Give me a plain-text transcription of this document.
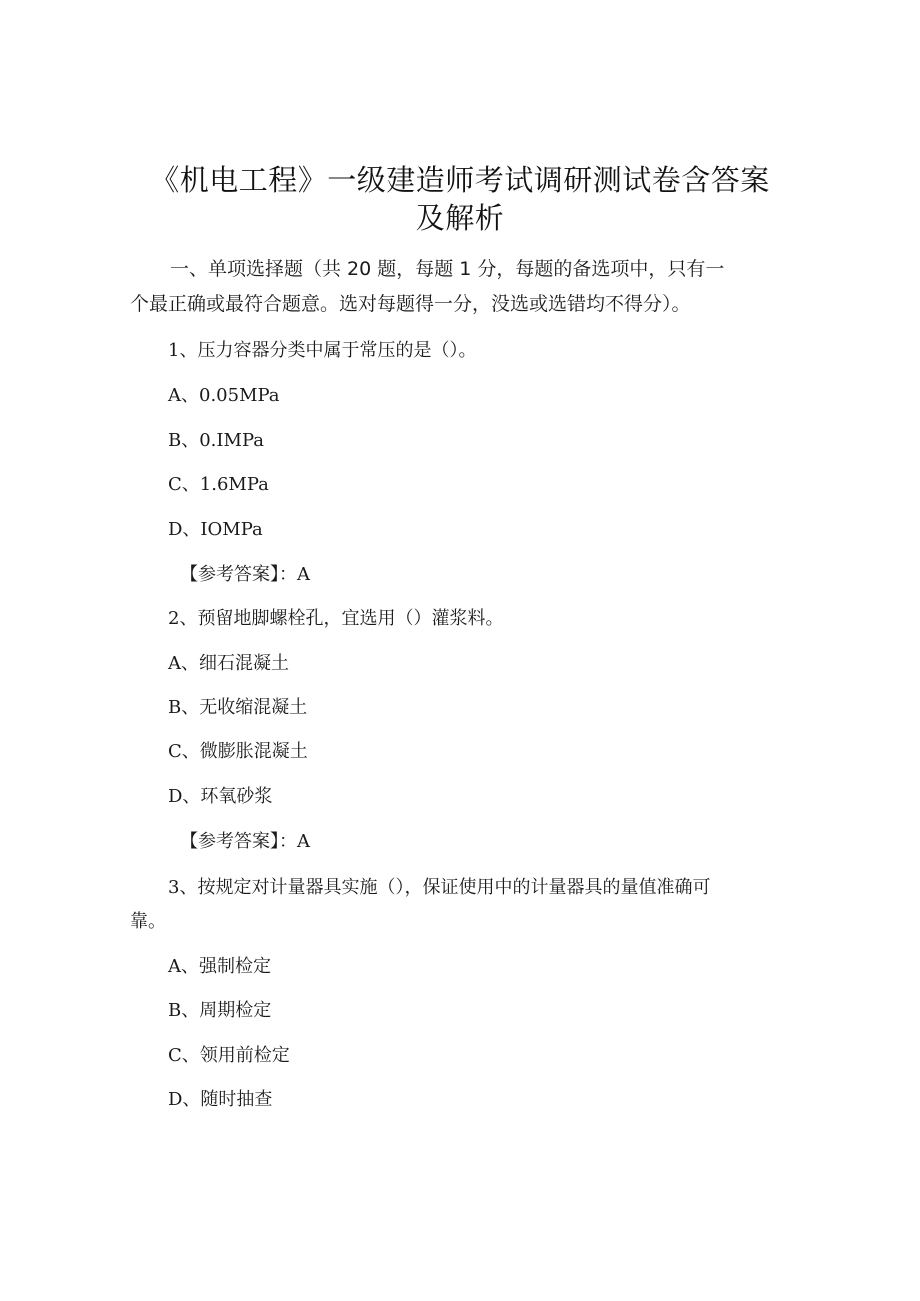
《机电工程》一级建造师考试调研测试卷含答案
及解析
一、单项选择题（共 20 题，每题 1 分，每题的备选项中，只有一
个最正确或最符合题意。选对每题得一分，没选或选错均不得分）。
1、压力容器分类中属于常压的是（）。
A、0.05MPa
B、0.IMPa
C、1.6MPa
D、IOMPa
【参考答案】：A
2、预留地脚螺栓孔，宜选用（）灌浆料。
A、细石混凝土
B、无收缩混凝土
C、微膨胀混凝土
D、环氧砂浆
【参考答案】：A
3、按规定对计量器具实施（），保证使用中的计量器具的量值准确可
靠。
A、强制检定
B、周期检定
C、领用前检定
D、随时抽查
